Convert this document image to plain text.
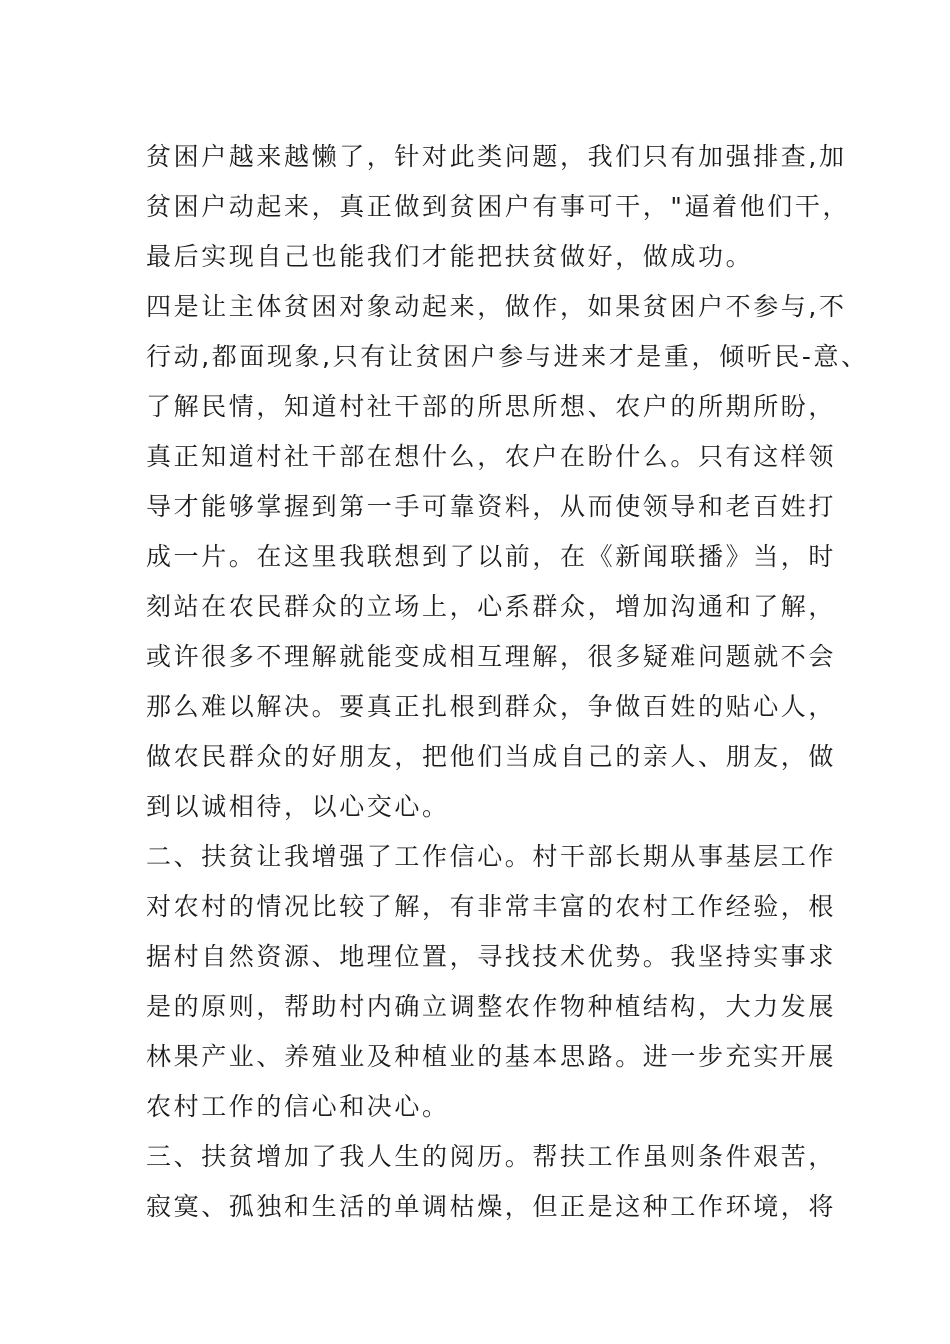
贫困户越来越懒了，针对此类问题，我们只有加强排查,加
贫困户动起来，真正做到贫困户有事可干，"逼着他们干，
最后实现自己也能我们才能把扶贫做好，做成功。
四是让主体贫困对象动起来，做作，如果贫困户不参与,不
行动,都面现象,只有让贫困户参与进来才是重，倾听民-意、
了解民情，知道村社干部的所思所想、农户的所期所盼，
真正知道村社干部在想什么，农户在盼什么。只有这样领
导才能够掌握到第一手可靠资料，从而使领导和老百姓打
成一片。在这里我联想到了以前，在《新闻联播》当，时
刻站在农民群众的立场上，心系群众，增加沟通和了解，
或许很多不理解就能变成相互理解，很多疑难问题就不会
那么难以解决。要真正扎根到群众，争做百姓的贴心人，
做农民群众的好朋友，把他们当成自己的亲人、朋友，做
到以诚相待，以心交心。
二、扶贫让我增强了工作信心。村干部长期从事基层工作
对农村的情况比较了解，有非常丰富的农村工作经验，根
据村自然资源、地理位置，寻找技术优势。我坚持实事求
是的原则，帮助村内确立调整农作物种植结构，大力发展
林果产业、养殖业及种植业的基本思路。进一步充实开展
农村工作的信心和决心。
三、扶贫增加了我人生的阅历。帮扶工作虽则条件艰苦，
寂寞、孤独和生活的单调枯燥，但正是这种工作环境，将
